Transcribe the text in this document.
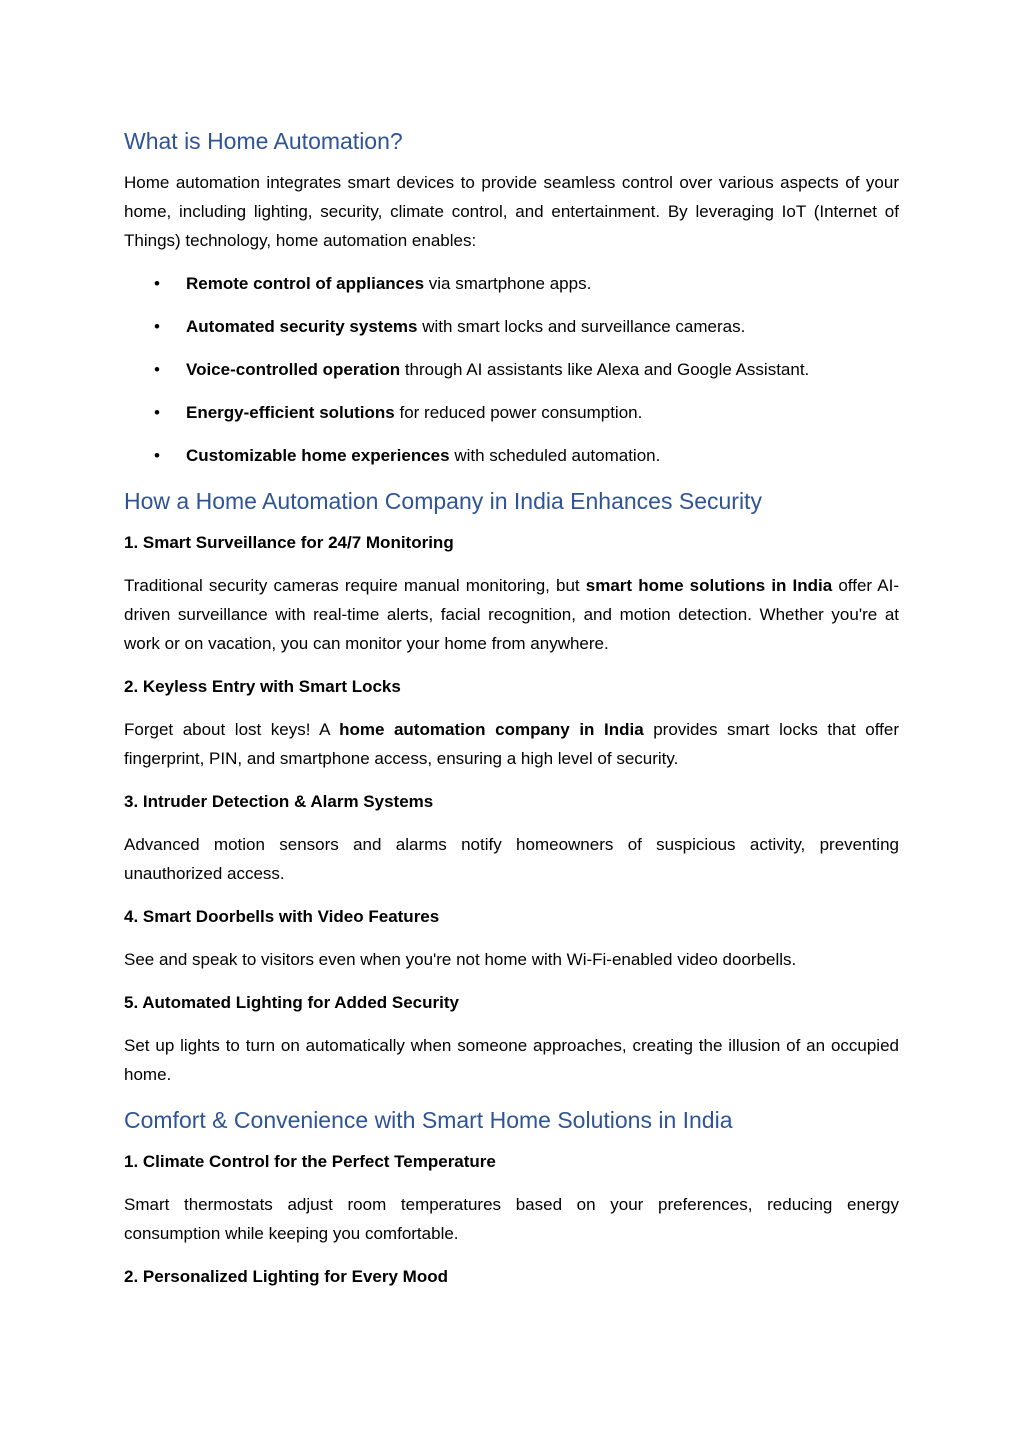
What is Home Automation?

Home automation integrates smart devices to provide seamless control over various aspects of your home, including lighting, security, climate control, and entertainment. By leveraging IoT (Internet of Things) technology, home automation enables:

• Remote control of appliances via smartphone apps.
• Automated security systems with smart locks and surveillance cameras.
• Voice-controlled operation through AI assistants like Alexa and Google Assistant.
• Energy-efficient solutions for reduced power consumption.
• Customizable home experiences with scheduled automation.
How a Home Automation Company in India Enhances Security

1. Smart Surveillance for 24/7 Monitoring

Traditional security cameras require manual monitoring, but smart home solutions in India offer AI-driven surveillance with real-time alerts, facial recognition, and motion detection. Whether you're at work or on vacation, you can monitor your home from anywhere.

2. Keyless Entry with Smart Locks

Forget about lost keys! A home automation company in India provides smart locks that offer fingerprint, PIN, and smartphone access, ensuring a high level of security.

3. Intruder Detection & Alarm Systems

Advanced motion sensors and alarms notify homeowners of suspicious activity, preventing unauthorized access.

4. Smart Doorbells with Video Features

See and speak to visitors even when you're not home with Wi-Fi-enabled video doorbells.

5. Automated Lighting for Added Security

Set up lights to turn on automatically when someone approaches, creating the illusion of an occupied home.

Comfort & Convenience with Smart Home Solutions in India

1. Climate Control for the Perfect Temperature

Smart thermostats adjust room temperatures based on your preferences, reducing energy consumption while keeping you comfortable.

2. Personalized Lighting for Every Mood
